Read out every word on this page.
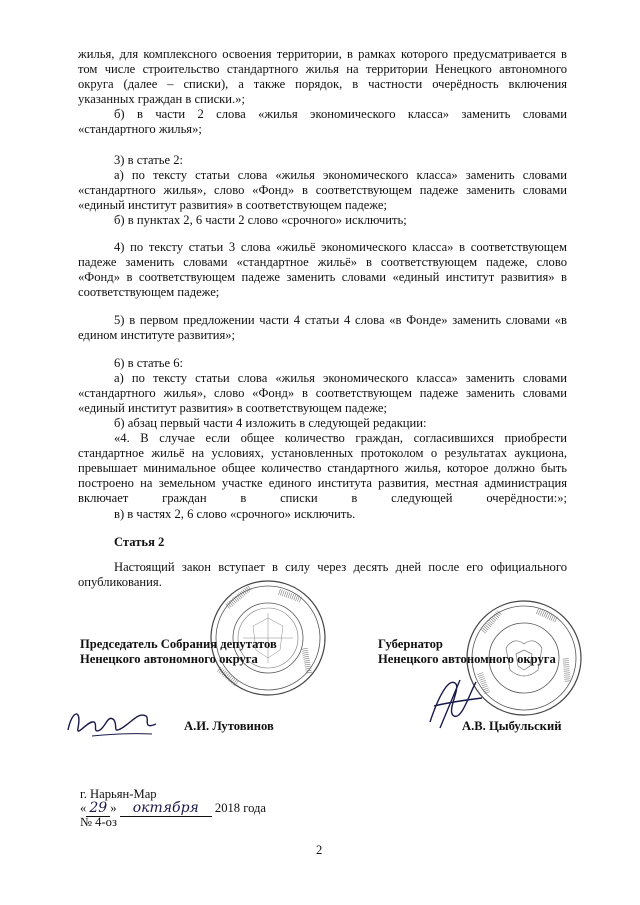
жилья, для комплексного освоения территории, в рамках которого предусматривается в
том числе строительство стандартного жилья на территории Ненецкого автономного
округа (далее – списки), а также порядок, в частности очерёдность включения
указанных граждан в списки.»;
б) в части 2 слова «жилья экономического класса» заменить словами
«стандартного жилья»;
3) в статье 2:
а) по тексту статьи слова «жилья экономического класса» заменить словами
«стандартного жилья», слово «Фонд» в соответствующем падеже заменить словами
«единый институт развития» в соответствующем падеже;
б) в пунктах 2, 6 части 2 слово «срочного» исключить;
4) по тексту статьи 3 слова «жильё экономического класса» в соответствующем
падеже заменить словами «стандартное жильё» в соответствующем падеже, слово
«Фонд» в соответствующем падеже заменить словами «единый институт развития» в
соответствующем падеже;
5) в первом предложении части 4 статьи 4 слова «в Фонде» заменить словами «в
едином институте развития»;
6) в статье 6:
а) по тексту статьи слова «жилья экономического класса» заменить словами
«стандартного жилья», слово «Фонд» в соответствующем падеже заменить словами
«единый институт развития» в соответствующем падеже;
б) абзац первый части 4 изложить в следующей редакции:
«4. В случае если общее количество граждан, согласившихся приобрести
стандартное жильё на условиях, установленных протоколом о результатах аукциона,
превышает минимальное общее количество стандартного жилья, которое должно быть
построено на земельном участке единого института развития, местная администрация
включает граждан в списки в следующей очерёдности:»;
в) в частях 2, 6 слово «срочного» исключить.
Статья 2
Настоящий закон вступает в силу через десять дней после его официального
опубликования.
|||||||||||||||	||||||||||||
|||||||||||||
||||||||||||
|||||||||||||	|||||||||||
||||||||||||
|||||||||||
Председатель Собрания депутатов
Ненецкого автономного округа
Губернатор
Ненецкого автономного округа
А.И. Лутовинов	А.В. Цыбульский
г. Нарьян-Мар
« 29 » октября 2018 года
№ 4-оз
2
